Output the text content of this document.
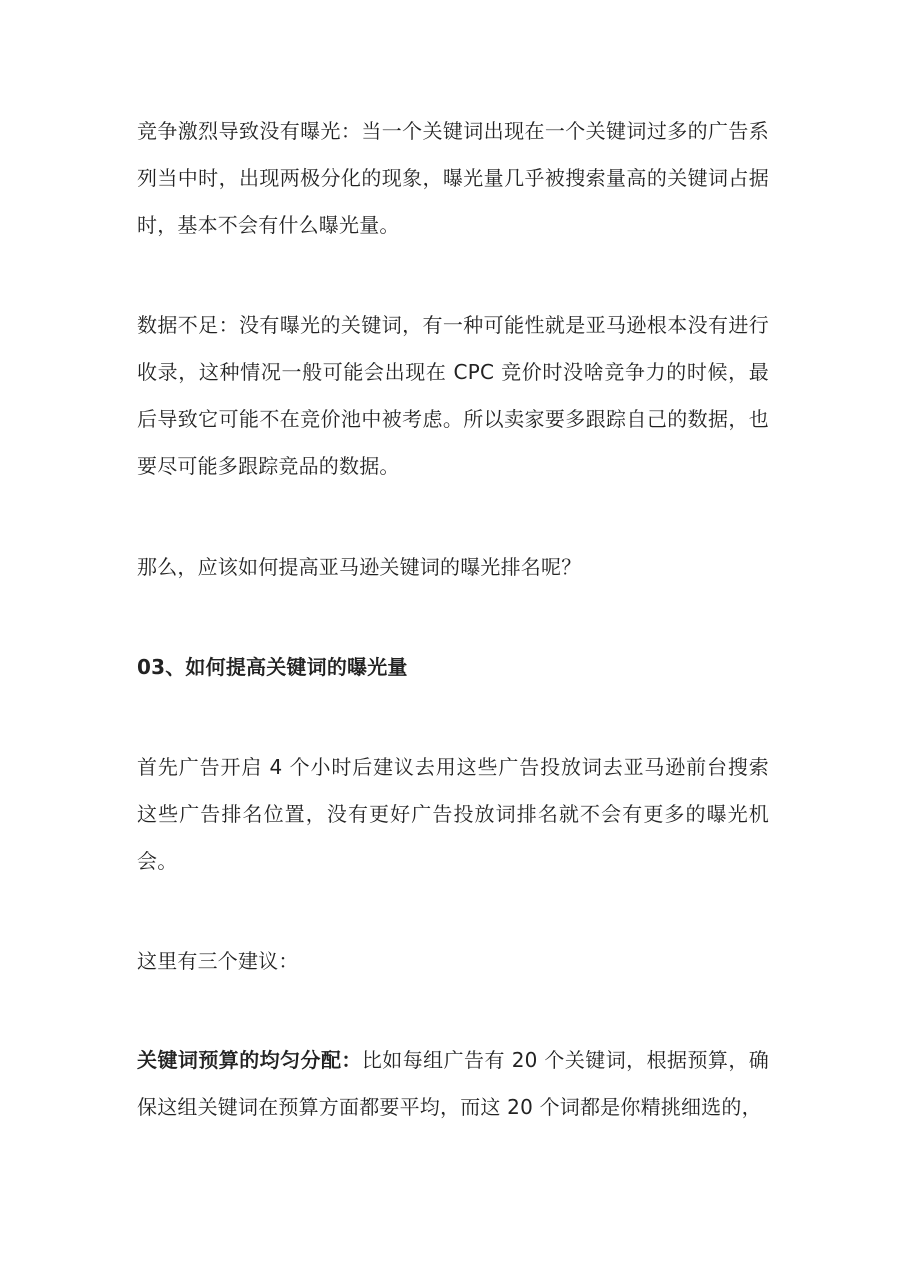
竞争激烈导致没有曝光：当一个关键词出现在一个关键词过多的广告系列当中时，出现两极分化的现象，曝光量几乎被搜索量高的关键词占据时，基本不会有什么曝光量。

数据不足：没有曝光的关键词，有一种可能性就是亚马逊根本没有进行收录，这种情况一般可能会出现在 CPC 竞价时没啥竞争力的时候，最后导致它可能不在竞价池中被考虑。所以卖家要多跟踪自己的数据，也要尽可能多跟踪竞品的数据。

那么，应该如何提高亚马逊关键词的曝光排名呢？

03、如何提高关键词的曝光量

首先广告开启 4 个小时后建议去用这些广告投放词去亚马逊前台搜索这些广告排名位置，没有更好广告投放词排名就不会有更多的曝光机会。

这里有三个建议：

关键词预算的均匀分配：比如每组广告有 20 个关键词，根据预算，确保这组关键词在预算方面都要平均，而这 20 个词都是你精挑细选的，
